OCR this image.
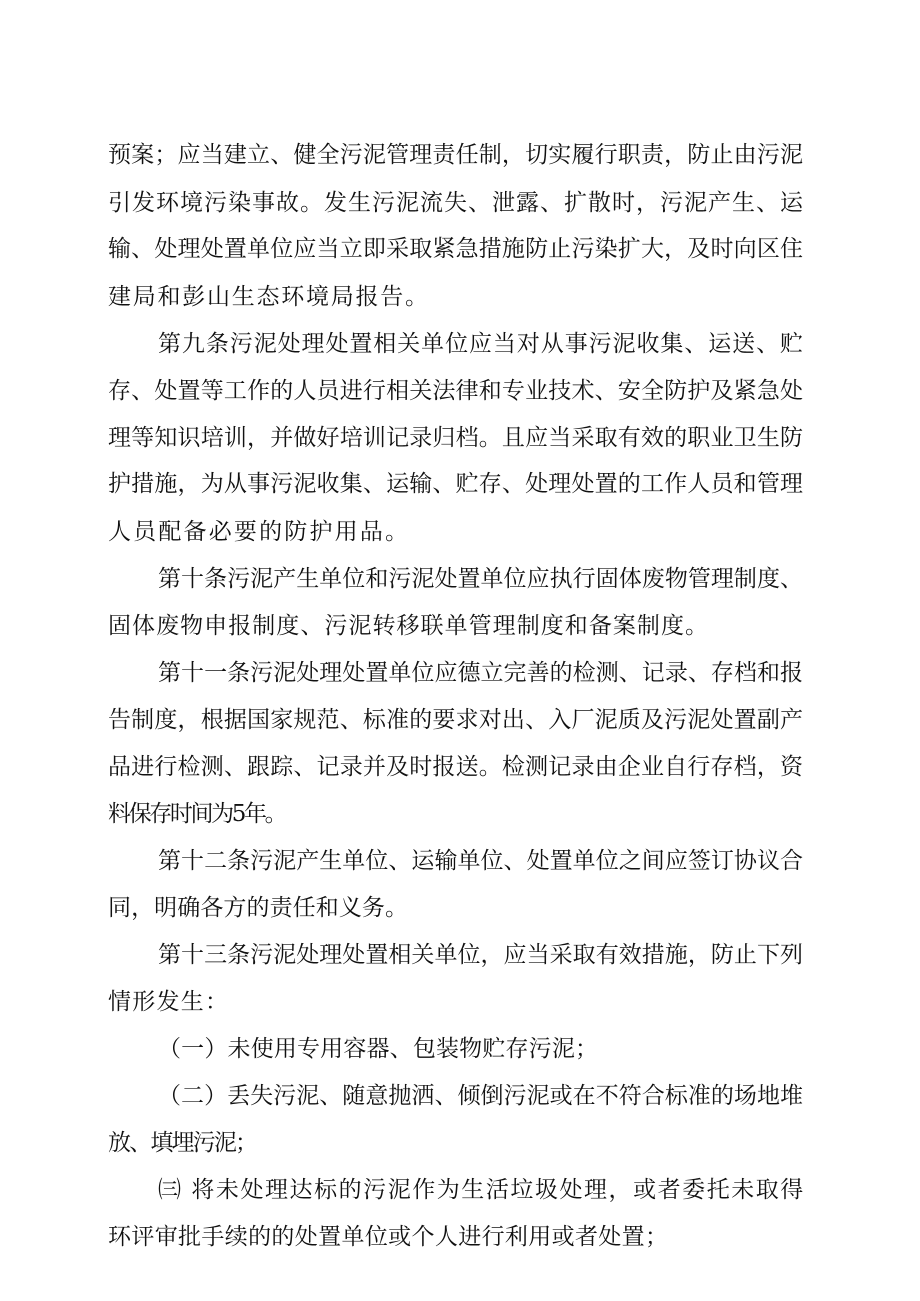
预案；应当建立、健全污泥管理责任制，切实履行职责，防止由污泥
引发环境污染事故。发生污泥流失、泄露、扩散时，污泥产生、运
输、处理处置单位应当立即采取紧急措施防止污染扩大，及时向区住
建局和彭山生态环境局报告。
第九条污泥处理处置相关单位应当对从事污泥收集、运送、贮
存、处置等工作的人员进行相关法律和专业技术、安全防护及紧急处
理等知识培训，并做好培训记录归档。且应当采取有效的职业卫生防
护措施，为从事污泥收集、运输、贮存、处理处置的工作人员和管理
人员配备必要的防护用品。
第十条污泥产生单位和污泥处置单位应执行固体废物管理制度、
固体废物申报制度、污泥转移联单管理制度和备案制度。
第十一条污泥处理处置单位应德立完善的检测、记录、存档和报
告制度，根据国家规范、标准的要求对出、入厂泥质及污泥处置副产
品进行检测、跟踪、记录并及时报送。检测记录由企业自行存档，资
料保存时间为5年。
第十二条污泥产生单位、运输单位、处置单位之间应签订协议合
同，明确各方的责任和义务。
第十三条污泥处理处置相关单位，应当采取有效措施，防止下列
情形发生：
（一）未使用专用容器、包装物贮存污泥；
（二）丢失污泥、随意抛洒、倾倒污泥或在不符合标准的场地堆
放、填埋污泥；
㈢ 将未处理达标的污泥作为生活垃圾处理，或者委托未取得
环评审批手续的的处置单位或个人进行利用或者处置；
